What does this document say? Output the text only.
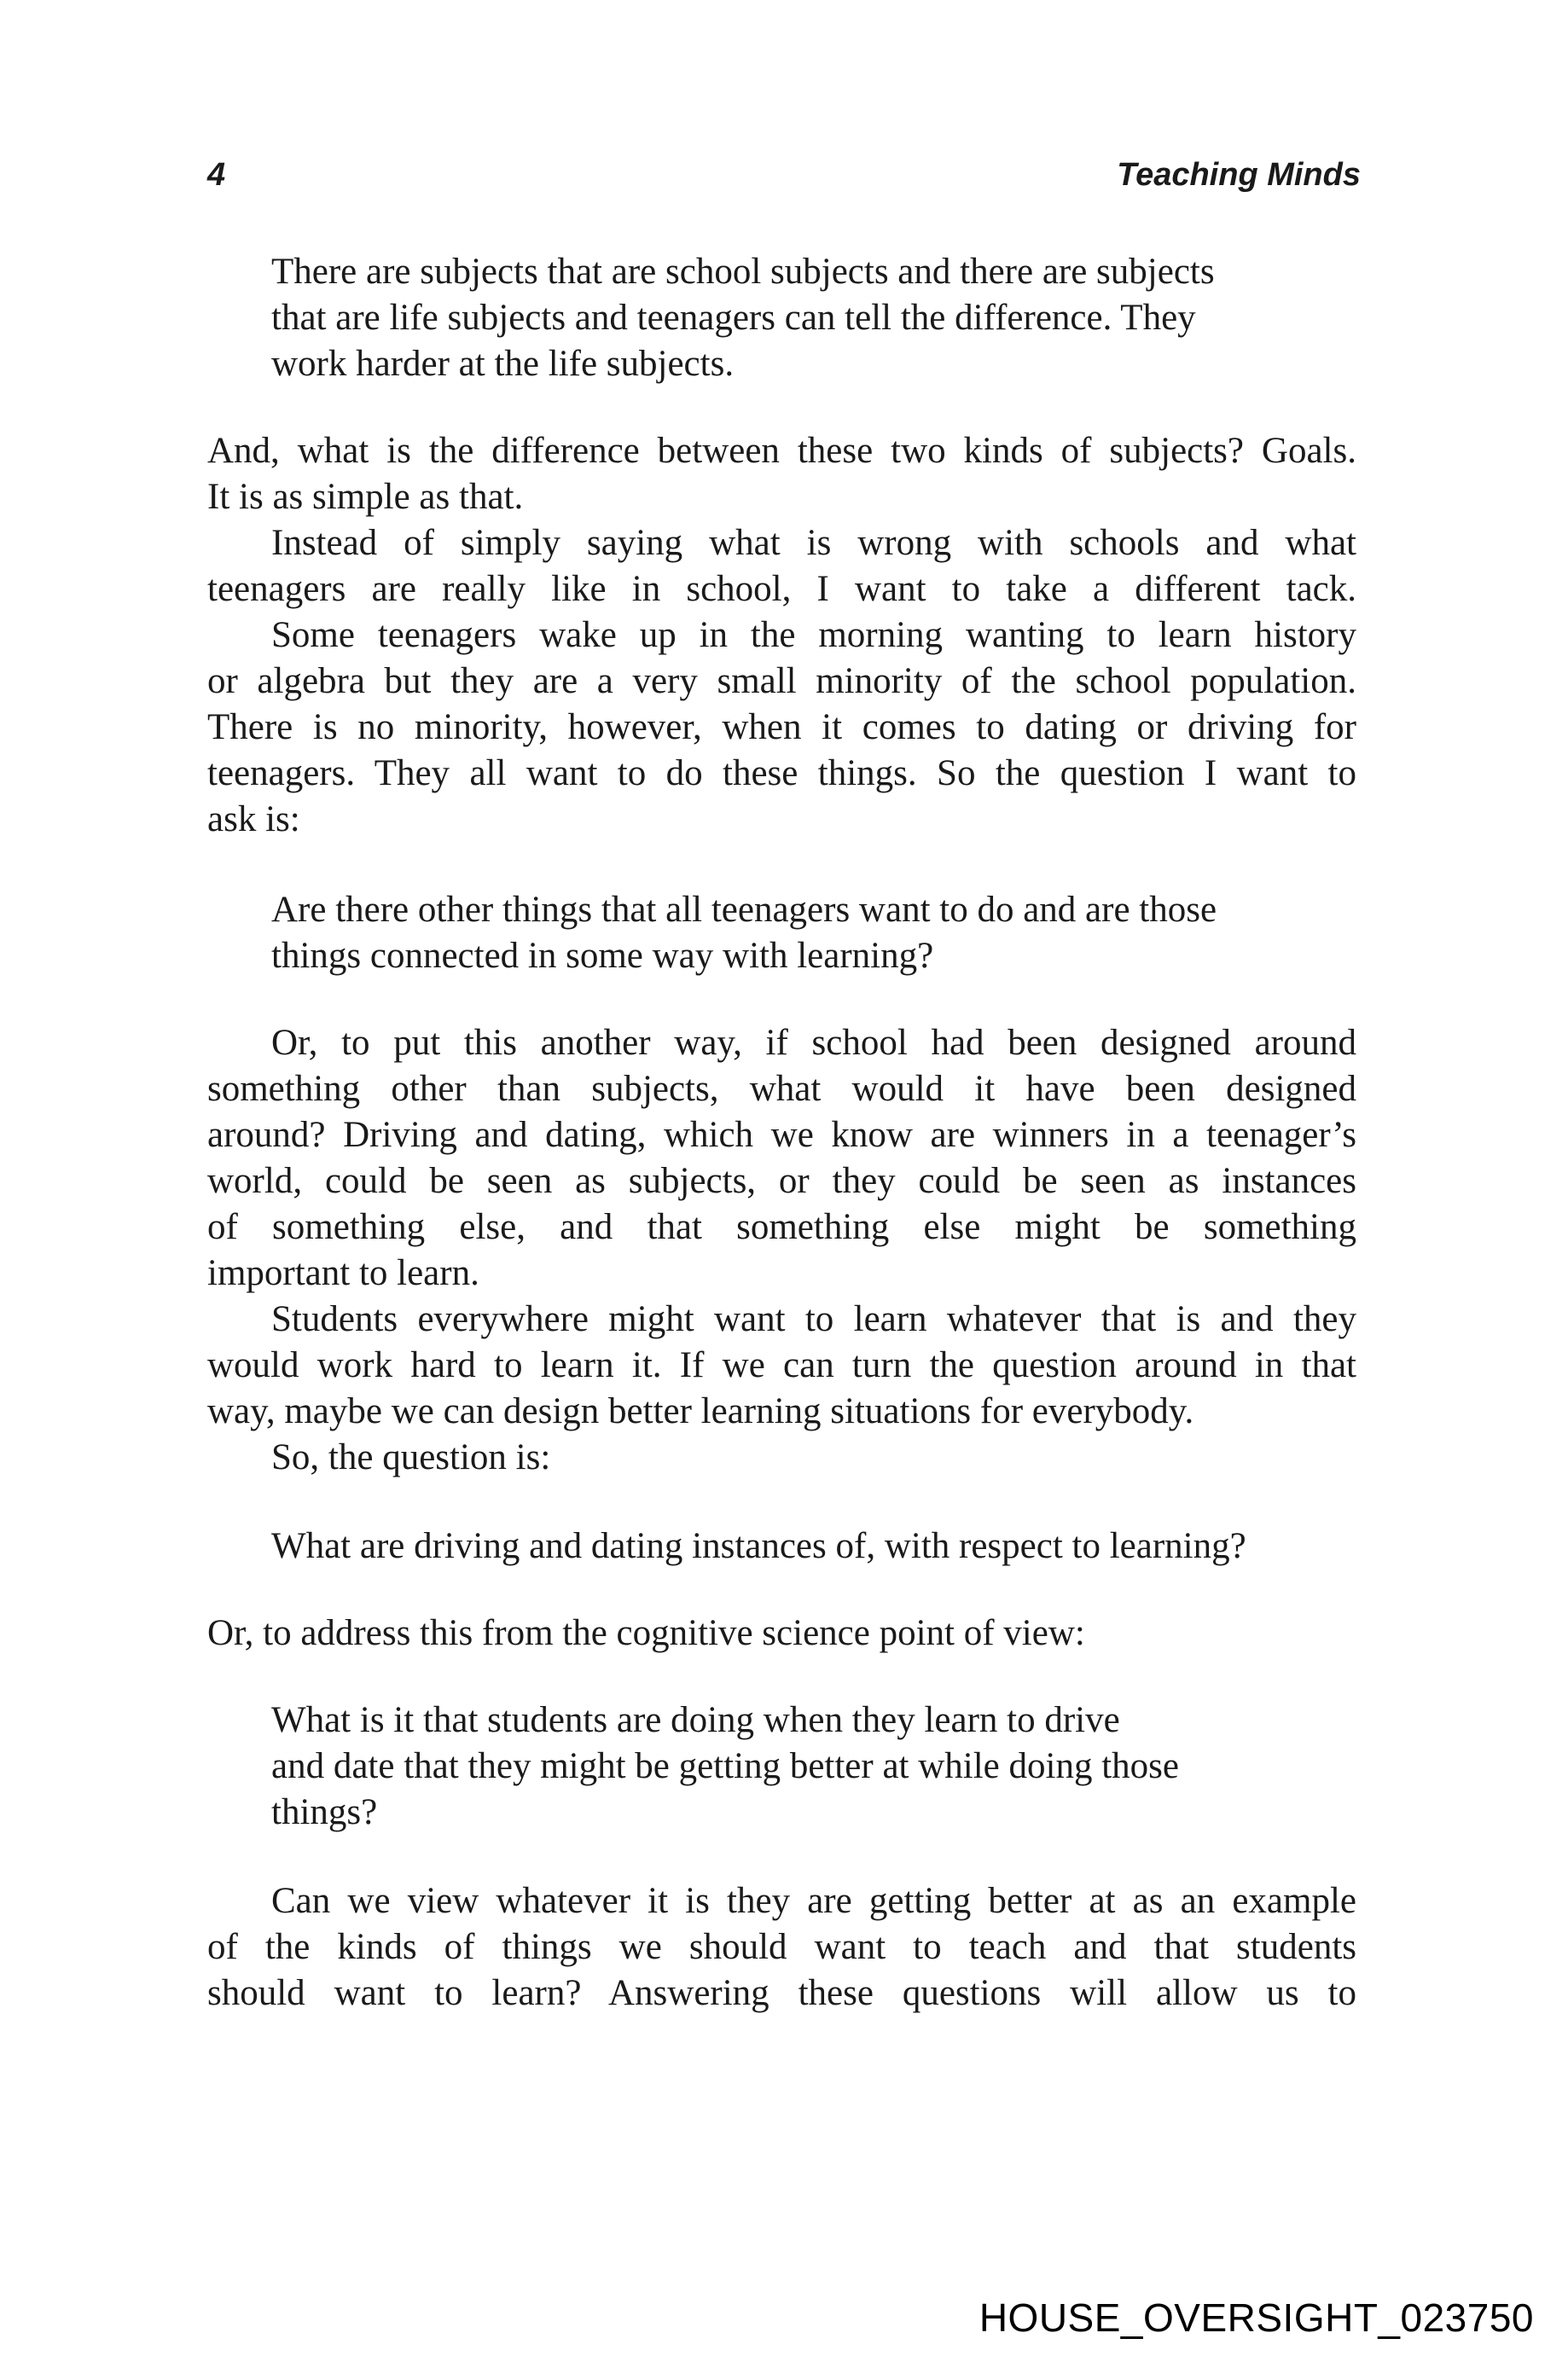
4	Teaching Minds
There are subjects that are school subjects and there are subjects
that are life subjects and teenagers can tell the difference. They
work harder at the life subjects.
And, what is the difference between these two kinds of subjects? Goals.
It is as simple as that.
Instead of simply saying what is wrong with schools and what
teenagers are really like in school, I want to take a different tack.
Some teenagers wake up in the morning wanting to learn history
or algebra but they are a very small minority of the school population.
There is no minority, however, when it comes to dating or driving for
teenagers. They all want to do these things. So the question I want to
ask is:
Are there other things that all teenagers want to do and are those
things connected in some way with learning?
Or, to put this another way, if school had been designed around
something other than subjects, what would it have been designed
around? Driving and dating, which we know are winners in a teenager’s
world, could be seen as subjects, or they could be seen as instances
of something else, and that something else might be something
important to learn.
Students everywhere might want to learn whatever that is and they
would work hard to learn it. If we can turn the question around in that
way, maybe we can design better learning situations for everybody.
So, the question is:
What are driving and dating instances of, with respect to learning?
Or, to address this from the cognitive science point of view:
What is it that students are doing when they learn to drive
and date that they might be getting better at while doing those
things?
Can we view whatever it is they are getting better at as an example
of the kinds of things we should want to teach and that students
should want to learn? Answering these questions will allow us to
HOUSE_OVERSIGHT_023750
